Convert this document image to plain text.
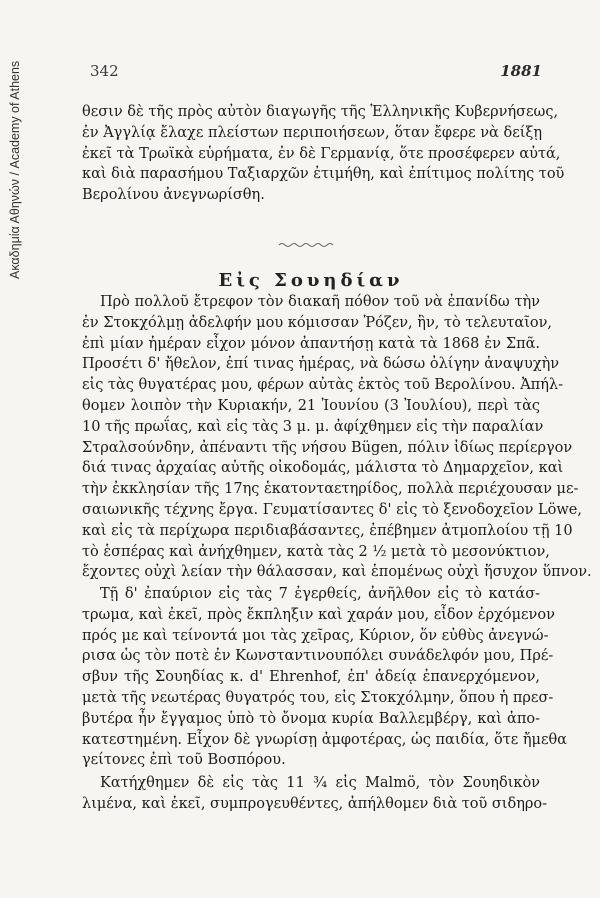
Ακαδημία Αθηνών / Academy of Athens	342	1881
θεσιν δὲ τῆς πρὸς αὐτὸν διαγωγῆς τῆς Ἑλληνικῆς Κυβερνήσεως,
ἐν Ἀγγλίᾳ ἔλαχε πλείστων περιποιήσεων, ὅταν ἔφερε νὰ δείξῃ
ἐκεῖ τὰ Τρωϊκὰ εὑρήματα, ἐν δὲ Γερμανίᾳ, ὅτε προσέφερεν αὐτά,
καὶ διὰ παρασήμου Ταξιαρχῶν ἐτιμήθη, καὶ ἐπίτιμος πολίτης τοῦ
Βερολίνου ἀνεγνωρίσθη.
Εἰς Σουηδίαν
Πρὸ πολλοῦ ἔτρεφον τὸν διακαῆ πόθον τοῦ νὰ ἐπανίδω τὴν
ἐν Στοκχόλμῃ ἀδελφήν μου κόμισσαν Ῥόζεν, ἣν, τὸ τελευταῖον,
ἐπὶ μίαν ἡμέραν εἶχον μόνον ἀπαντήσῃ κατὰ τὰ 1868 ἐν Σπᾶ.
Προσέτι δ' ἤθελον, ἐπί τινας ἡμέρας, νὰ δώσω ὀλίγην ἀναψυχὴν
εἰς τὰς θυγατέρας μου, φέρων αὐτὰς ἐκτὸς τοῦ Βερολίνου. Ἀπήλ-
θομεν λοιπὸν τὴν Κυριακήν, 21 Ἰουνίου (3 Ἰουλίου), περὶ τὰς
10 τῆς πρωΐας, καὶ εἰς τὰς 3 μ. μ. ἀφίχθημεν εἰς τὴν παραλίαν
Στραλσούνδην, ἀπέναντι τῆς νήσου Bügen, πόλιν ἰδίως περίεργον
διά τινας ἀρχαίας αὐτῆς οἰκοδομάς, μάλιστα τὸ Δημαρχεῖον, καὶ
τὴν ἐκκλησίαν τῆς 17ης ἑκατονταετηρίδος, πολλὰ περιέχουσαν με-
σαιωνικῆς τέχνης ἔργα. Γευματίσαντες δ' εἰς τὸ ξενοδοχεῖον Löwe,
καὶ εἰς τὰ περίχωρα περιδιαβάσαντες, ἐπέβημεν ἀτμοπλοίου τῇ 10
τὸ ἑσπέρας καὶ ἀνήχθημεν, κατὰ τὰς 2 ½ μετὰ τὸ μεσονύκτιον,
ἔχοντες οὐχὶ λείαν τὴν θάλασσαν, καὶ ἑπομένως οὐχὶ ἥσυχον ὕπνον.
Τῇ δ' ἐπαύριον εἰς τὰς 7 ἐγερθείς, ἀνῆλθον εἰς τὸ κατάσ-
τρωμα, καὶ ἐκεῖ, πρὸς ἔκπληξιν καὶ χαράν μου, εἶδον ἐρχόμενον
πρός με καὶ τείνοντά μοι τὰς χεῖρας, Κύριον, ὅν εὐθὺς ἀνεγνώ-
ρισα ὡς τὸν ποτὲ ἐν Κωνσταντινουπόλει συνάδελφόν μου, Πρέ-
σβυν τῆς Σουηδίας κ. d' Ehrenhof, ἐπ' ἀδείᾳ ἐπανερχόμενον,
μετὰ τῆς νεωτέρας θυγατρός του, εἰς Στοκχόλμην, ὅπου ἡ πρεσ-
βυτέρα ἦν ἔγγαμος ὑπὸ τὸ ὄνομα κυρία Βαλλεμβέργ, καὶ ἀπο-
κατεστημένη. Εἶχον δὲ γνωρίσῃ ἀμφοτέρας, ὡς παιδία, ὅτε ἤμεθα
γείτονες ἐπὶ τοῦ Βοσπόρου.
Κατήχθημεν δὲ εἰς τὰς 11 ¾ εἰς Malmö, τὸν Σουηδικὸν
λιμένα, καὶ ἐκεῖ, συμπρογευθέντες, ἀπήλθομεν διὰ τοῦ σιδηρο-
